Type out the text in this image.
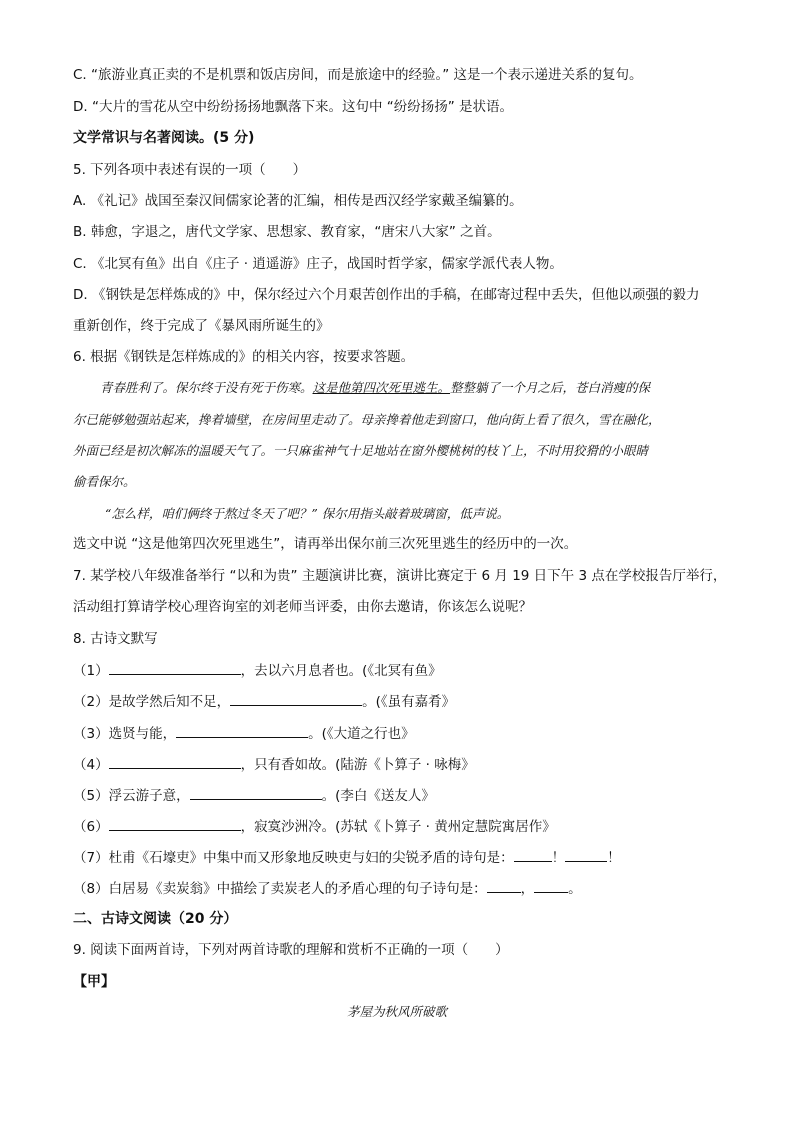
C. “旅游业真正卖的不是机票和饭店房间，而是旅途中的经验。” 这是一个表示递进关系的复句。
D. “大片的雪花从空中纷纷扬扬地飘落下来。这句中 “纷纷扬扬” 是状语。
文学常识与名著阅读。(5 分)
5. 下列各项中表述有误的一项（　　）
A. 《礼记》战国至秦汉间儒家论著的汇编，相传是西汉经学家戴圣编纂的。
B. 韩愈，字退之，唐代文学家、思想家、教育家，“唐宋八大家” 之首。
C. 《北冥有鱼》出自《庄子 · 逍遥游》庄子，战国时哲学家，儒家学派代表人物。
D. 《钢铁是怎样炼成的》中，保尔经过六个月艰苦创作出的手稿，在邮寄过程中丢失，但他以顽强的毅力
重新创作，终于完成了《暴风雨所诞生的》
6. 根据《钢铁是怎样炼成的》的相关内容，按要求答题。
青春胜利了。保尔终于没有死于伤寒。这是他第四次死里逃生。整整躺了一个月之后，苍白消瘦的保
尔已能够勉强站起来，搀着墙壁，在房间里走动了。母亲搀着他走到窗口，他向街上看了很久，雪在融化，
外面已经是初次解冻的温暖天气了。一只麻雀神气十足地站在窗外樱桃树的枝丫上，不时用狡猾的小眼睛
偷看保尔。
“怎么样，咱们俩终于熬过冬天了吧？” 保尔用指头敲着玻璃窗，低声说。
选文中说 “这是他第四次死里逃生”，请再举出保尔前三次死里逃生的经历中的一次。
7. 某学校八年级准备举行 “以和为贵” 主题演讲比赛，演讲比赛定于 6 月 19 日下午 3 点在学校报告厅举行，
活动组打算请学校心理咨询室的刘老师当评委，由你去邀请，你该怎么说呢？
8. 古诗文默写
（1）	，去以六月息者也。(《北冥有鱼》
（2）是故学然后知不足，	。(《虽有嘉肴》
（3）选贤与能，	。(《大道之行也》
（4）	，只有香如故。(陆游《卜算子 · 咏梅》
（5）浮云游子意，	。(李白《送友人》
（6）	，寂寞沙洲冷。(苏轼《卜算子 · 黄州定慧院寓居作》
（7）杜甫《石壕吏》中集中而又形象地反映吏与妇的尖锐矛盾的诗句是：	！	！
（8）白居易《卖炭翁》中描绘了卖炭老人的矛盾心理的句子诗句是：	，	。
二、古诗文阅读（20 分）
9. 阅读下面两首诗，下列对两首诗歌的理解和赏析不正确的一项（　　）
【甲】
茅屋为秋风所破歌
